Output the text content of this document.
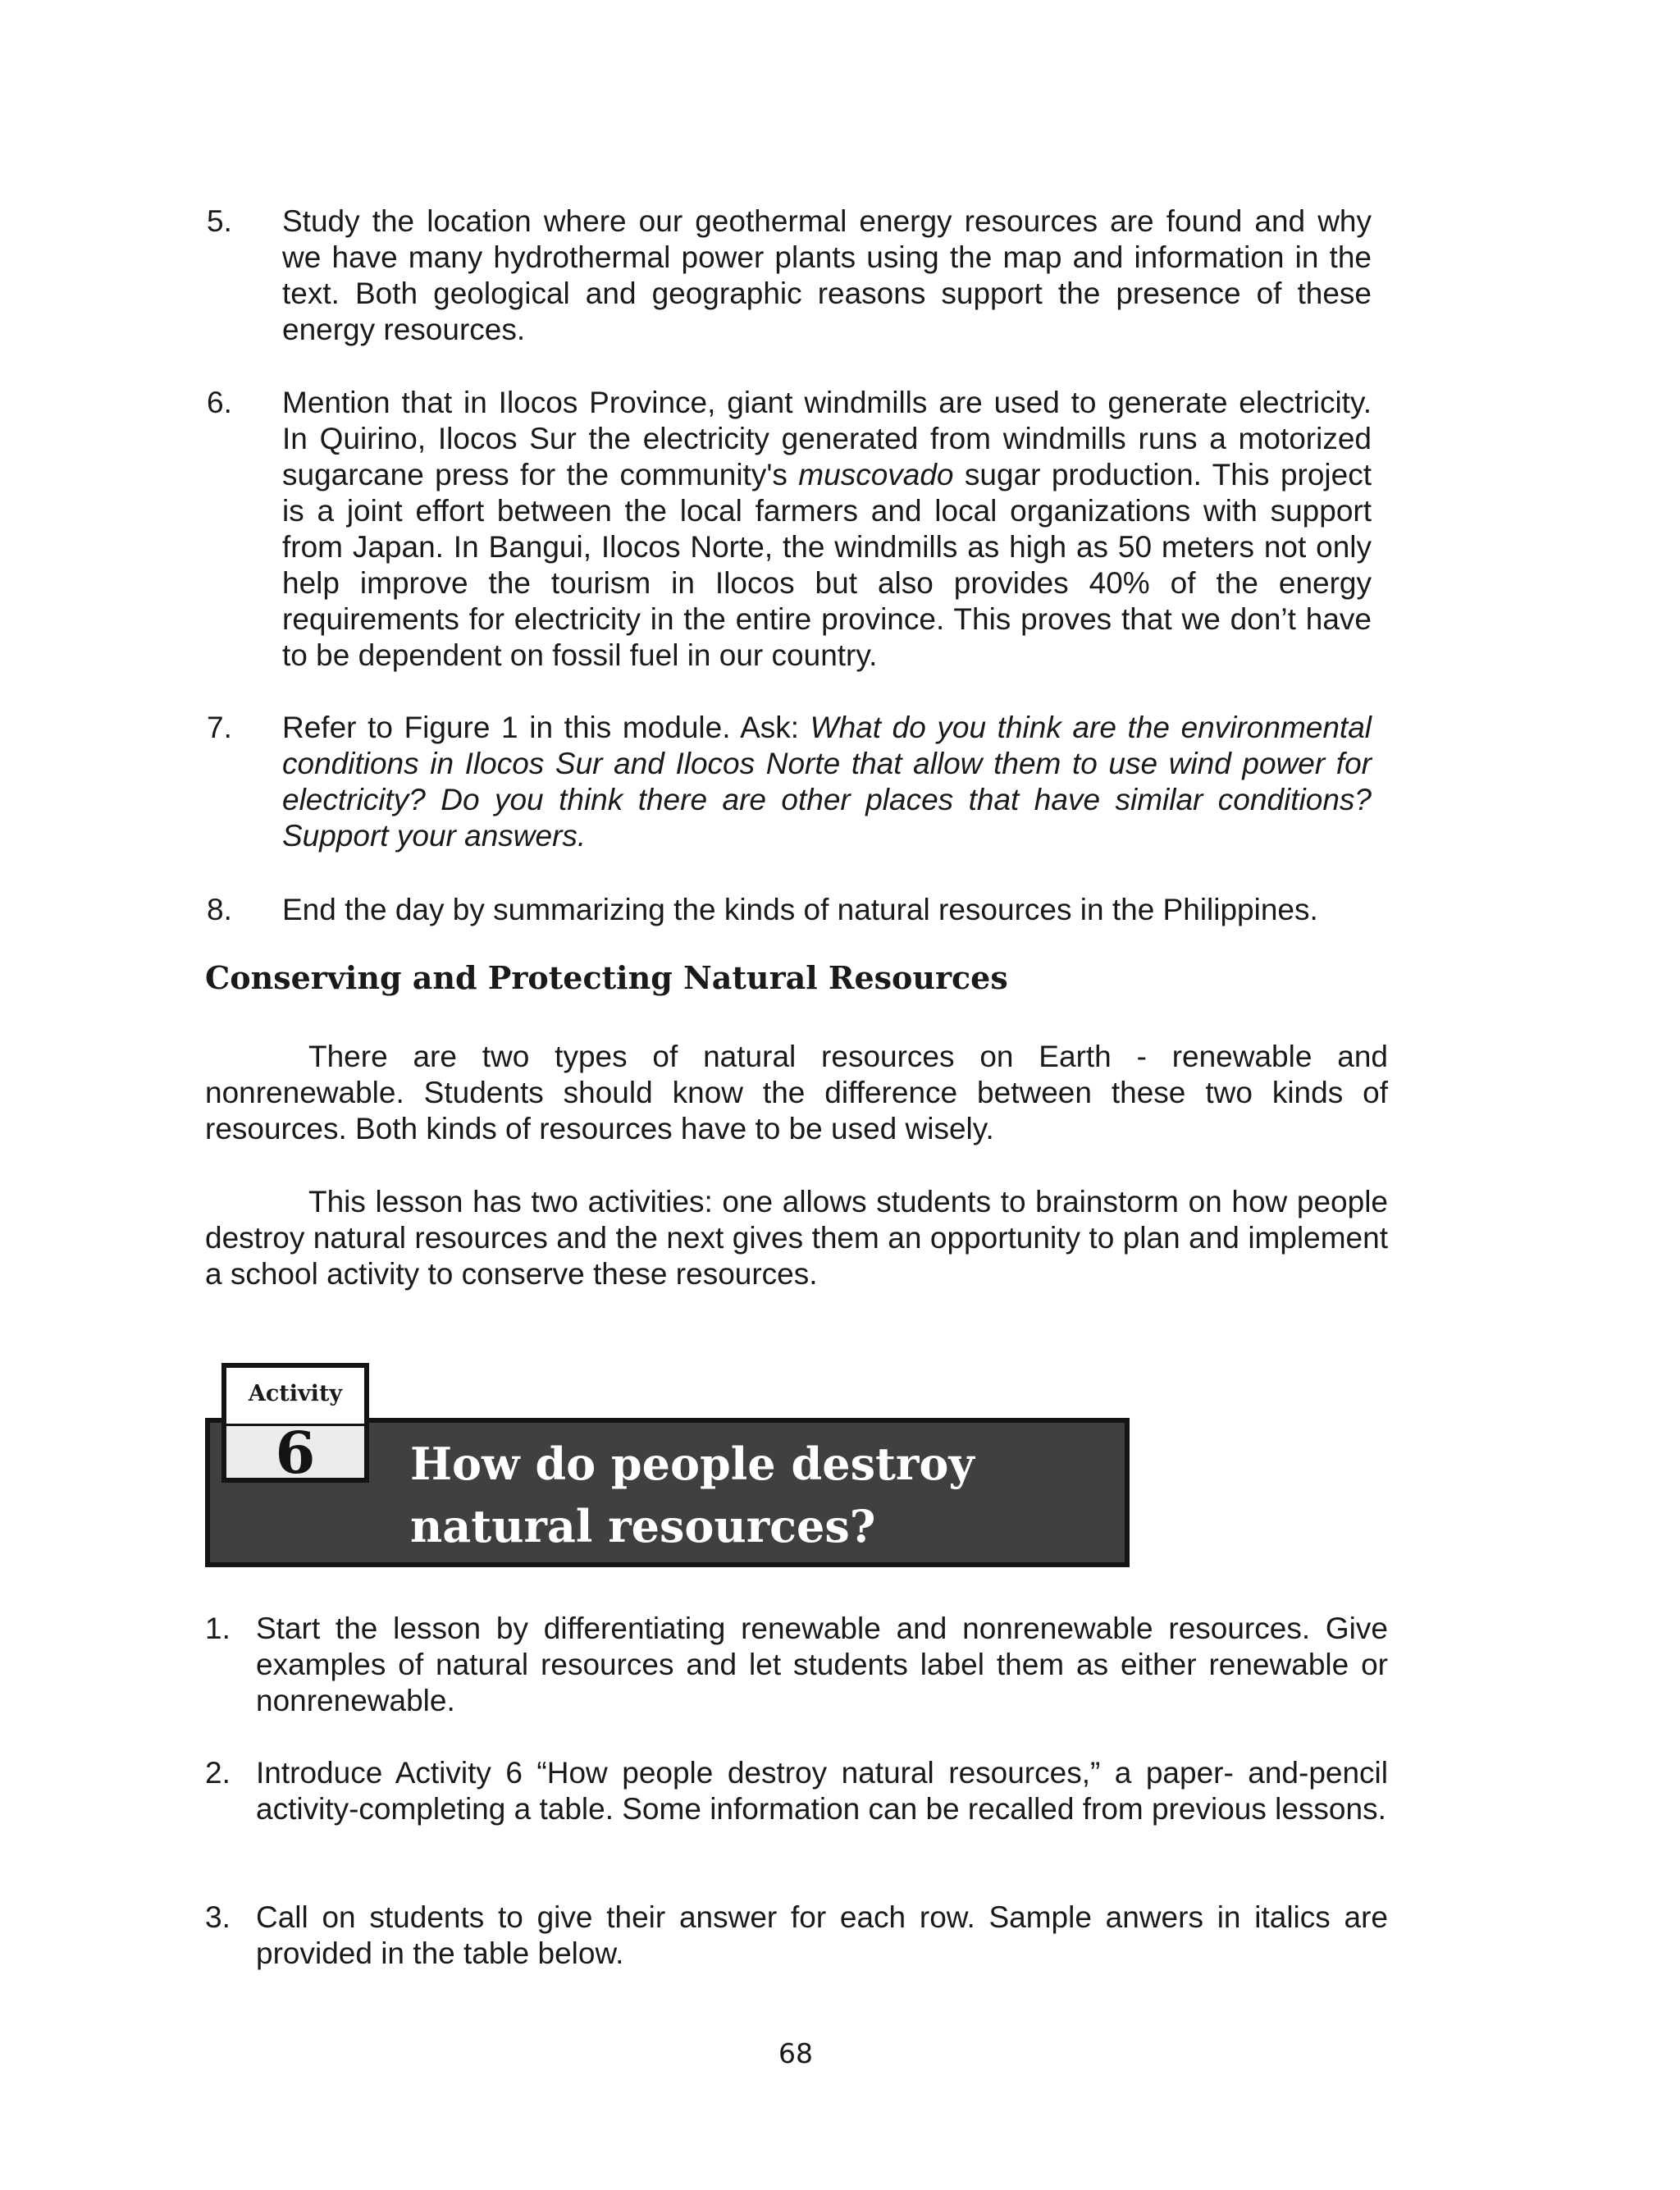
5. Study the location where our geothermal energy resources are found and why we have many hydrothermal power plants using the map and information in the text. Both geological and geographic reasons support the presence of these energy resources.

6. Mention that in Ilocos Province, giant windmills are used to generate electricity. In Quirino, Ilocos Sur the electricity generated from windmills runs a motorized sugarcane press for the community's muscovado sugar production. This project is a joint effort between the local farmers and local organizations with support from Japan. In Bangui, Ilocos Norte, the windmills as high as 50 meters not only help improve the tourism in Ilocos but also provides 40% of the energy requirements for electricity in the entire province. This proves that we don’t have to be dependent on fossil fuel in our country.

7. Refer to Figure 1 in this module. Ask: What do you think are the environmental conditions in Ilocos Sur and Ilocos Norte that allow them to use wind power for electricity? Do you think there are other places that have similar conditions? Support your answers.

8. End the day by summarizing the kinds of natural resources in the Philippines.

Conserving and Protecting Natural Resources

There are two types of natural resources on Earth - renewable and nonrenewable. Students should know the difference between these two kinds of resources. Both kinds of resources have to be used wisely.

This lesson has two activities: one allows students to brainstorm on how people destroy natural resources and the next gives them an opportunity to plan and implement a school activity to conserve these resources.

Activity
6	How do people destroy
natural resources?

1. Start the lesson by differentiating renewable and nonrenewable resources. Give examples of natural resources and let students label them as either renewable or nonrenewable.

2. Introduce Activity 6 “How people destroy natural resources,” a paper- and-pencil activity-completing a table. Some information can be recalled from previous lessons.

3. Call on students to give their answer for each row. Sample anwers in italics are provided in the table below.

68
